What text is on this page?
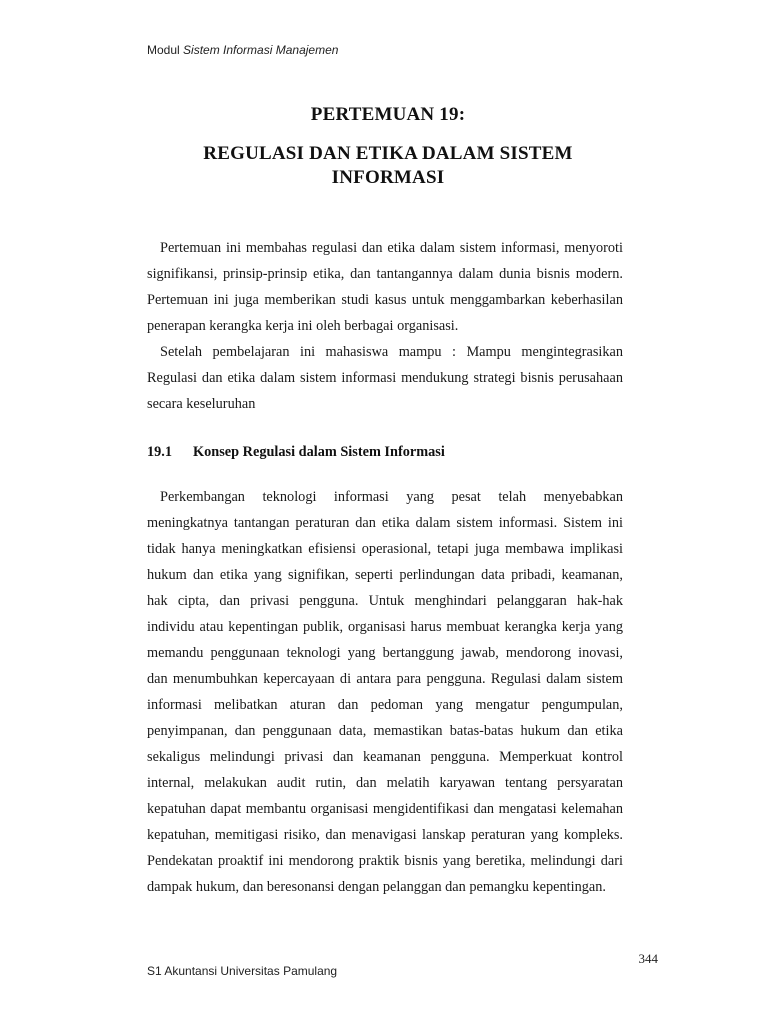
Modul Sistem Informasi Manajemen
PERTEMUAN 19:
REGULASI DAN ETIKA DALAM SISTEM
INFORMASI
Pertemuan ini membahas regulasi dan etika dalam sistem informasi, menyoroti
signifikansi, prinsip-prinsip etika, dan tantangannya dalam dunia bisnis modern.
Pertemuan ini juga memberikan studi kasus untuk menggambarkan keberhasilan
penerapan kerangka kerja ini oleh berbagai organisasi.
Setelah pembelajaran ini mahasiswa mampu : Mampu mengintegrasikan
Regulasi dan etika dalam sistem informasi mendukung strategi bisnis perusahaan
secara keseluruhan
19.1 Konsep Regulasi dalam Sistem Informasi
Perkembangan teknologi informasi yang pesat telah menyebabkan
meningkatnya tantangan peraturan dan etika dalam sistem informasi. Sistem ini
tidak hanya meningkatkan efisiensi operasional, tetapi juga membawa implikasi
hukum dan etika yang signifikan, seperti perlindungan data pribadi, keamanan,
hak cipta, dan privasi pengguna. Untuk menghindari pelanggaran hak-hak
individu atau kepentingan publik, organisasi harus membuat kerangka kerja yang
memandu penggunaan teknologi yang bertanggung jawab, mendorong inovasi,
dan menumbuhkan kepercayaan di antara para pengguna. Regulasi dalam sistem
informasi melibatkan aturan dan pedoman yang mengatur pengumpulan,
penyimpanan, dan penggunaan data, memastikan batas-batas hukum dan etika
sekaligus melindungi privasi dan keamanan pengguna. Memperkuat kontrol
internal, melakukan audit rutin, dan melatih karyawan tentang persyaratan
kepatuhan dapat membantu organisasi mengidentifikasi dan mengatasi kelemahan
kepatuhan, memitigasi risiko, dan menavigasi lanskap peraturan yang kompleks.
Pendekatan proaktif ini mendorong praktik bisnis yang beretika, melindungi dari
dampak hukum, dan beresonansi dengan pelanggan dan pemangku kepentingan.
344
S1 Akuntansi Universitas Pamulang
